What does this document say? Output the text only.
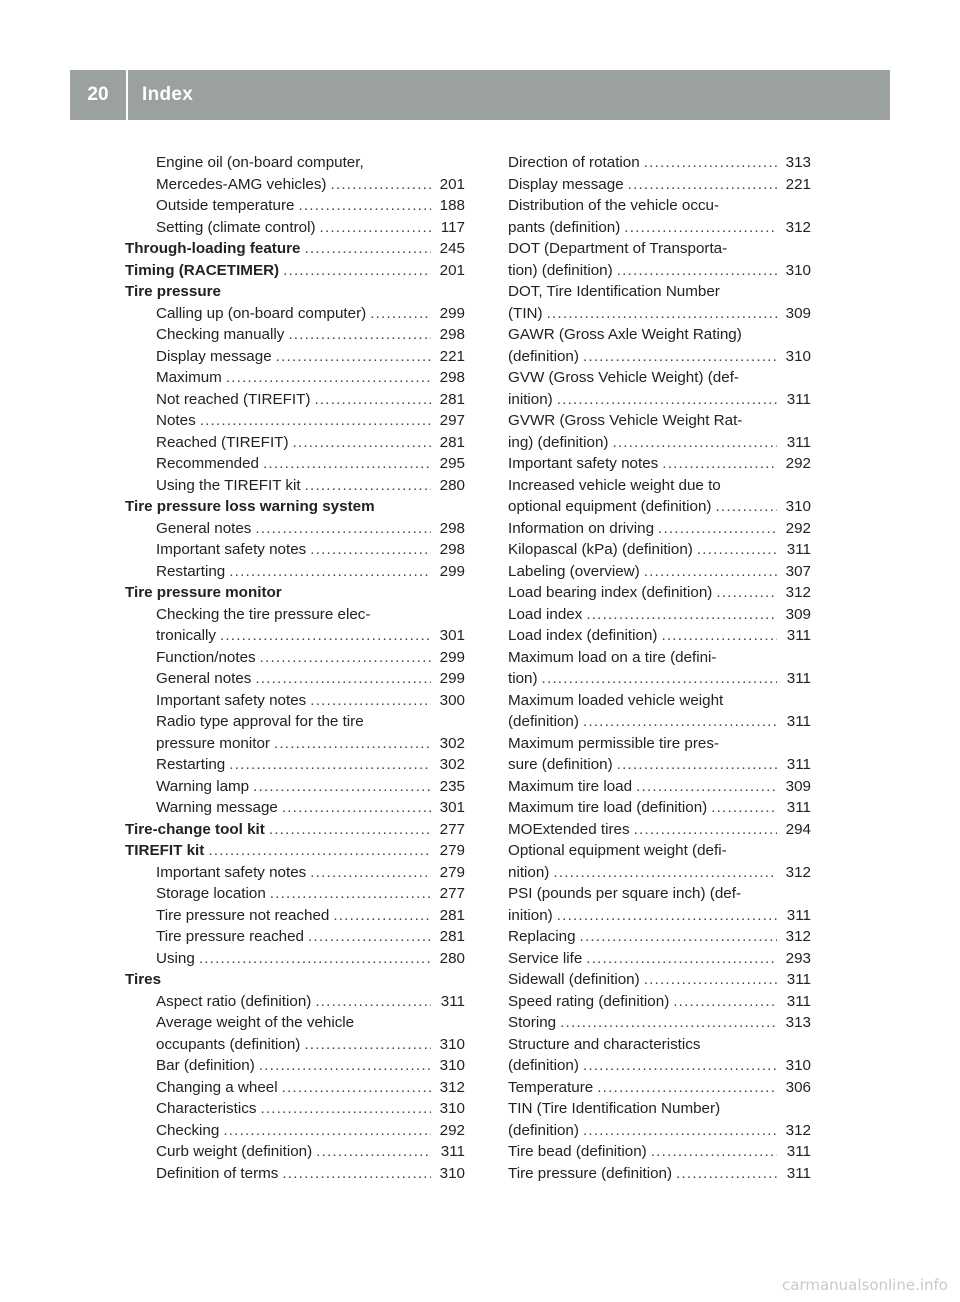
20	Index
Engine oil (on-board computer,
Mercedes-AMG vehicles) .....	201
Outside temperature .....	188
Setting (climate control) .....	117
Through-loading feature .....	245
Timing (RACETIMER) .....	201
Tire pressure
Calling up (on-board computer) .....	299
Checking manually .....	298
Display message .....	221
Maximum .....	298
Not reached (TIREFIT) .....	281
Notes .....	297
Reached (TIREFIT) .....	281
Recommended .....	295
Using the TIREFIT kit .....	280
Tire pressure loss warning system
General notes .....	298
Important safety notes .....	298
Restarting .....	299
Tire pressure monitor
Checking the tire pressure elec-
tronically .....	301
Function/notes .....	299
General notes .....	299
Important safety notes .....	300
Radio type approval for the tire
pressure monitor .....	302
Restarting .....	302
Warning lamp .....	235
Warning message .....	301
Tire-change tool kit .....	277
TIREFIT kit .....	279
Important safety notes .....	279
Storage location .....	277
Tire pressure not reached .....	281
Tire pressure reached .....	281
Using .....	280
Tires
Aspect ratio (definition) .....	311
Average weight of the vehicle
occupants (definition) .....	310
Bar (definition) .....	310
Changing a wheel .....	312
Characteristics .....	310
Checking .....	292
Curb weight (definition) .....	311
Definition of terms .....	310
Direction of rotation .....	313
Display message .....	221
Distribution of the vehicle occu-
pants (definition) .....	312
DOT (Department of Transporta-
tion) (definition) .....	310
DOT, Tire Identification Number
(TIN) .....	309
GAWR (Gross Axle Weight Rating)
(definition) .....	310
GVW (Gross Vehicle Weight) (def-
inition) .....	311
GVWR (Gross Vehicle Weight Rat-
ing) (definition) .....	311
Important safety notes .....	292
Increased vehicle weight due to
optional equipment (definition) .....	310
Information on driving .....	292
Kilopascal (kPa) (definition) .....	311
Labeling (overview) .....	307
Load bearing index (definition) .....	312
Load index .....	309
Load index (definition) .....	311
Maximum load on a tire (defini-
tion) .....	311
Maximum loaded vehicle weight
(definition) .....	311
Maximum permissible tire pres-
sure (definition) .....	311
Maximum tire load .....	309
Maximum tire load (definition) .....	311
MOExtended tires .....	294
Optional equipment weight (defi-
nition) .....	312
PSI (pounds per square inch) (def-
inition) .....	311
Replacing .....	312
Service life .....	293
Sidewall (definition) .....	311
Speed rating (definition) .....	311
Storing .....	313
Structure and characteristics
(definition) .....	310
Temperature .....	306
TIN (Tire Identification Number)
(definition) .....	312
Tire bead (definition) .....	311
Tire pressure (definition) .....	311
carmanualsonline.info
